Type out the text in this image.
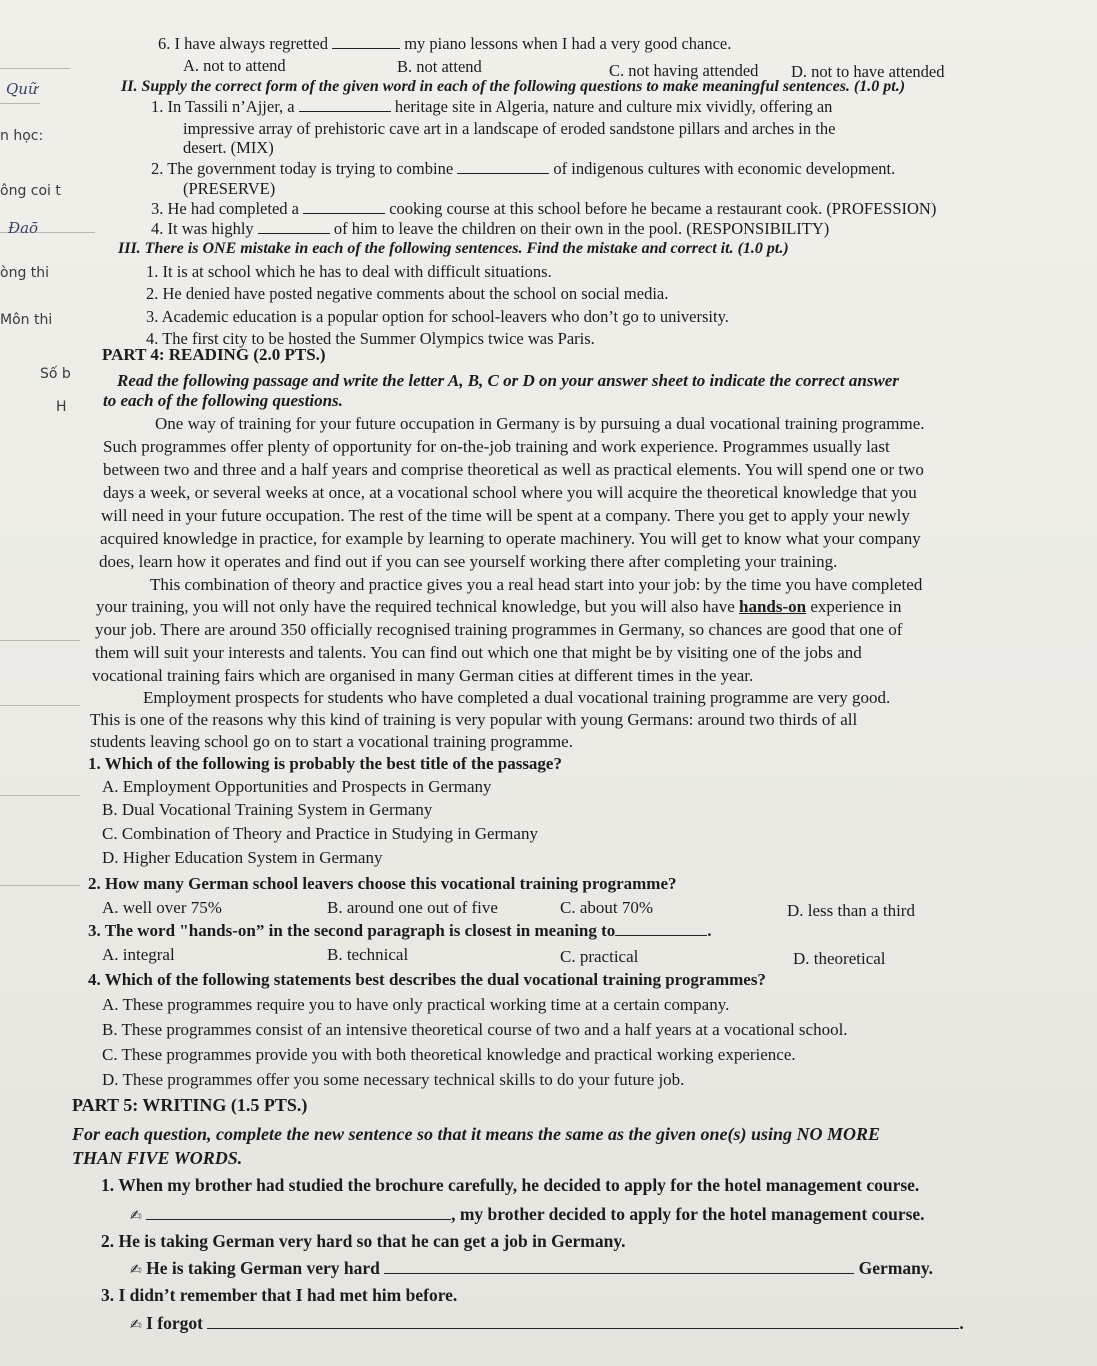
Quữ
n học:
ông coi t
Đaō
òng thi
Môn thi
Số b
H
6. I have always regretted	my piano lessons when I had a very good chance.
A. not to attend	B. not attend	C. not having attended D. not to have attended
II. Supply the correct form of the given word in each of the following questions to make meaningful sentences. (1.0 pt.)
1. In Tassili n’Ajjer, a	heritage site in Algeria, nature and culture mix vividly, offering an
impressive array of prehistoric cave art in a landscape of eroded sandstone pillars and arches in the
desert. (MIX)
2. The government today is trying to combine	of indigenous cultures with economic development.
(PRESERVE)
3. He had completed a	cooking course at this school before he became a restaurant cook. (PROFESSION)
4. It was highly	of him to leave the children on their own in the pool. (RESPONSIBILITY)
III. There is ONE mistake in each of the following sentences. Find the mistake and correct it. (1.0 pt.)
1. It is at school which he has to deal with difficult situations.
2. He denied have posted negative comments about the school on social media.
3. Academic education is a popular option for school-leavers who don’t go to university.
4. The first city to be hosted the Summer Olympics twice was Paris.
PART 4: READING (2.0 PTS.)
Read the following passage and write the letter A, B, C or D on your answer sheet to indicate the correct answer
to each of the following questions.
One way of training for your future occupation in Germany is by pursuing a dual vocational training programme.
Such programmes offer plenty of opportunity for on-the-job training and work experience. Programmes usually last
between two and three and a half years and comprise theoretical as well as practical elements. You will spend one or two
days a week, or several weeks at once, at a vocational school where you will acquire the theoretical knowledge that you
will need in your future occupation. The rest of the time will be spent at a company. There you get to apply your newly
acquired knowledge in practice, for example by learning to operate machinery. You will get to know what your company
does, learn how it operates and find out if you can see yourself working there after completing your training.
This combination of theory and practice gives you a real head start into your job: by the time you have completed
your training, you will not only have the required technical knowledge, but you will also have hands-on experience in
your job. There are around 350 officially recognised training programmes in Germany, so chances are good that one of
them will suit your interests and talents. You can find out which one that might be by visiting one of the jobs and
vocational training fairs which are organised in many German cities at different times in the year.
Employment prospects for students who have completed a dual vocational training programme are very good.
This is one of the reasons why this kind of training is very popular with young Germans: around two thirds of all
students leaving school go on to start a vocational training programme.
1. Which of the following is probably the best title of the passage?
A. Employment Opportunities and Prospects in Germany
B. Dual Vocational Training System in Germany
C. Combination of Theory and Practice in Studying in Germany
D. Higher Education System in Germany
2. How many German school leavers choose this vocational training programme?
A. well over 75%	B. around one out of five	C. about 70%	D. less than a third
3. The word "hands-on” in the second paragraph is closest in meaning to	.
A. integral	B. technical	C. practical	D. theoretical
4. Which of the following statements best describes the dual vocational training programmes?
A. These programmes require you to have only practical working time at a certain company.
B. These programmes consist of an intensive theoretical course of two and a half years at a vocational school.
C. These programmes provide you with both theoretical knowledge and practical working experience.
D. These programmes offer you some necessary technical skills to do your future job.
PART 5: WRITING (1.5 PTS.)
For each question, complete the new sentence so that it means the same as the given one(s) using NO MORE
THAN FIVE WORDS.
1. When my brother had studied the brochure carefully, he decided to apply for the hotel management course.
✍	, my brother decided to apply for the hotel management course.
2. He is taking German very hard so that he can get a job in Germany.
✍ He is taking German very hard	Germany.
3. I didn’t remember that I had met him before.
✍ I forgot	.
